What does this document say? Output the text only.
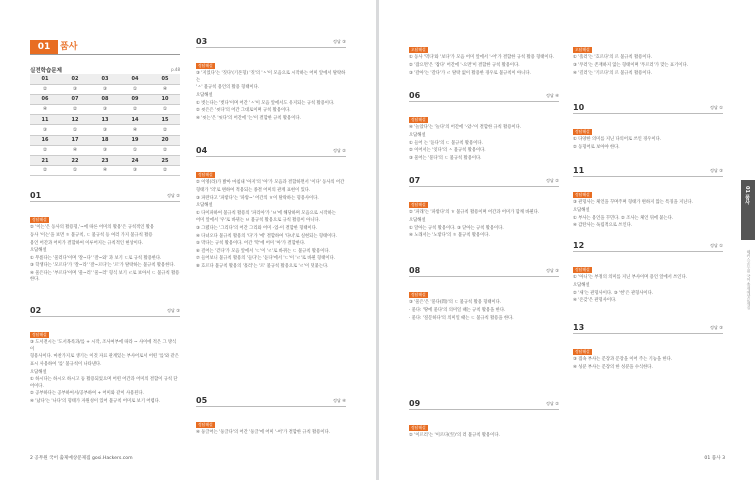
01	품사
실전학습문제	p.48
01	02	03	04	05
②	③	③	①	④
06	07	08	09	10
④	②	③	②	①
11	12	13	14	15
③	①	③	④	②
16	17	18	19	20
②	④	③	①	②
21	22	23	24	25
②	①	④	③	②
01	정답 ②
정답해설

② '이는'은 동사의 활용형,'~에 따른 어미의 활용'은 규칙적인 활용

동사 '이는'을 보면 ㅎ 불규칙, ㄷ 불규칙 등 여러 가지 불규칙 활용

용언 어간과 어미가 결합하여 이루어지는 규칙적인 현상이다.

오답해설

① 무릎다는 '물러다'이며 '잘~다' '잘~와' 과 보기 ㄷ로 규칙 활용한다.

③ 학생다는 '모르다'가 '잘~라' '잘~르다'는 '르'가 탈락하는 불규칙 활용한다.

④ 물은다는 '부르다'이며 '물~러' '물~러' 형식 보기 ㄹ로 보아서 ㄷ 불규칙 활용한다.

02	정답 ③
정답해설

③ 도서전시는 '도서목록과/를 + 시작, 조사여부에 따라 ~ 사이에 적은 그 방식이

형용사이다. 마찬가지로 생기는 이것 자료 관계있는 부사어로서 어떤 '를'와 같은

표시 사용하여 '를' 불규칙이 나타낸다.

오답해설

① 하시다는 하시오 하시고 등 활용되었으며 어떤 어간과 어미의 결합이 규칙 단어이다.

② 공부하다는 공부하여서/공부하여 + 어미와 같이 사용된다.

④ '났다'는 '나다'의 형태가 자원성이 있어 불규칙 어미로 보기 어렵다.

03	정답 ③
정답해설

③ '지었다'는 '짓다'(기본형) '짓'의 'ㅅ'이 모음으로 시작하는 어미 앞에서 탈락하는

'ㅅ' 불규칙 용언의 활용 형태이다.

오답해설

① 벗는다는 '벗다'이며 어간 'ㅅ'이 모음 앞에서도 유지되는 규칙 활용이다.

② 씻은은 '씻다'의 어간 그대로이며 규칙 활용이다.

④ '씻는'은 '씻다'의 어간에 '는'이 결합한 규칙 활용이다.

04	정답 ②
정답해설

② 이영(라)가 밝아 마침내 '아지'의 '아'가 모음과 결합하면서 '이다' 동사의 어간

형태가 '의'로 변하여 적용되는 종결 어미의 관계 표현이 있다.

③ 파란다고 '파랗다'는 '파랗~' 어간의 ㅎ이 탈락하는 형용사이다.

오답해설

① 다이파하여 불규칙 활용의 '파리아'가 'ㅂ'에 해당하며 모음으로 시작하는

어미 앞에서 '우'로 바뀌는 ㅂ 불규칙 활용으로 규칙 활용이 아니다.

③ 그렸다는 '그리다'의 어간 그리와 어미 -었-이 결합한 형태이다.

④ 다녀오다 불규칙 활용의 '다'가 '에' 결합하여 '다녀'로 실현되는 형태이다.

⑤ 막다는 규칙 활용이다. 어간 '막'에 어미 '아'가 결합한다.

⑥ 걸어는 '걷다'가 모음 앞에서 'ㄷ'이 'ㄹ'로 바뀌는 ㄷ 불규칙 활용이다.

⑦ 들어보니 불규칙 활용의 '들다'는 '듣다'에서 'ㄷ'이 'ㄹ'로 바뀐 형태이다.

⑧ 흐르다 불규칙 활용의 '흘러'는 '르' 불규칙 활용으로 'ㄹ'이 덧붙는다.

05	정답 ④
정답해설

④ 둥글어는 '둥글다'의 어간 '둥글'에 어미 '-어'가 결합한 규칙 활용이다.

2 공무원 국어 출제예상문제집 gosi.Hackers.com
오답해설

① 동사 '먹다'와 '보다'가 모음 어미 앞에서 '-어'가 결합한 규칙 활용 형태이다.

② '잡으면'은 '잡다' 어간에 '-으면'이 결합한 규칙 활용이다.

③ '갈아'는 '갈다'가 ㄹ 탈락 없이 활용한 경우로 불규칙이 아니다.

06	정답 ④
정답해설

④ '놀았다'는 '놀다'의 어간에 '-았-'이 결합한 규칙 활용이다.

오답해설

① 들어 는 '듣다'의 ㄷ 불규칙 활용이다.

② 이어서는 '잇다'의 ㅅ 불규칙 활용이다.

③ 물어는 '묻다'의 ㄷ 불규칙 활용이다.

07	정답 ②
정답해설

② '파래'는 '파랗다'의 ㅎ 불규칙 활용이며 어간과 어미가 함께 바뀐다.

오답해설

① 달아는 규칙 활용이다. ③ 닫아는 규칙 활용이다.

④ 노래서는 '노랗다'의 ㅎ 불규칙 활용이다.

08	정답 ③
정답해설

③ '물은'은 '묻다(問)'의 ㄷ 불규칙 활용 형태이다.

· 묻다: '땅에 묻다'의 의미일 때는 규칙 활용을 한다.

· 묻다: '질문하다'의 의미일 때는 ㄷ 불규칙 활용을 한다.

09	정답 ②
정답해설

② '이르러'는 '이르다(至)'의 러 불규칙 활용이다.

오답해설

① '흘러'는 '흐르다'의 르 불규칙 활용이다.

③ '푸러'는 존재하지 않는 형태이며 '푸르러'가 맞는 표기이다.

④ '길러'는 '기르다'의 르 불규칙 활용이다.

10	정답 ①
정답해설

① 다양한 의미를 지닌 다의어로 쓰인 경우이다.

② 동형어로 보아야 한다.

11	정답 ③
정답해설

③ 관형사는 체언을 꾸며주며 형태가 변하지 않는 특징을 지닌다.

오답해설

① 부사는 용언을 꾸민다. ② 조사는 체언 뒤에 붙는다.

④ 감탄사는 독립적으로 쓰인다.

12	정답 ①
정답해설

① '아니'는 부정의 의미를 지닌 부사이며 용언 앞에서 쓰인다.

오답해설

② '새'는 관형사이다. ③ '헌'은 관형사이다.

④ '온갖'은 관형사이다.

13	정답 ③
정답해설

③ 접속 부사는 문장과 문장을 이어 주는 기능을 한다.

④ 성분 부사는 문장의 한 성분을 수식한다.

01 품사
해커스공무원 국어 출제예상문제집
01 품사 3
